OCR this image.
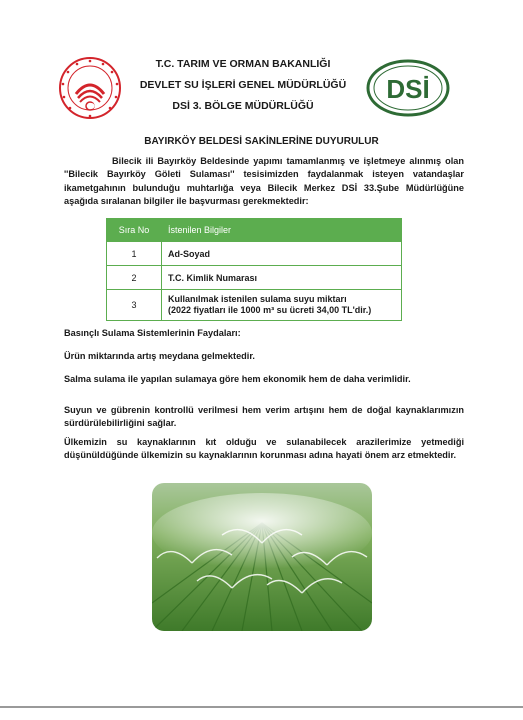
T.C. TARIM VE ORMAN BAKANLIĞI
DEVLET SU İŞLERİ GENEL MÜDÜRLÜĞÜ
DSİ 3. BÖLGE MÜDÜRLÜĞÜ
DSİ
BAYIRKÖY BELDESİ SAKİNLERİNE DUYURULUR
Bilecik ili Bayırköy Beldesinde yapımı tamamlanmış ve işletmeye alınmış olan ''Bilecik Bayırköy Göleti Sulaması'' tesisimizden faydalanmak isteyen vatandaşlar ikametgahının bulunduğu muhtarlığa veya Bilecik Merkez DSİ 33.Şube Müdürlüğüne aşağıda sıralanan bilgiler ile başvurması gerekmektedir:
Sıra No	İstenilen Bilgiler
1	Ad-Soyad
2	T.C. Kimlik Numarası
3	Kullanılmak istenilen sulama suyu miktarı
(2022 fiyatları ile 1000 m³ su ücreti 34,00 TL'dir.)

Basınçlı Sulama Sistemlerinin Faydaları:

Ürün miktarında artış meydana gelmektedir.

Salma sulama ile yapılan sulamaya göre hem ekonomik hem de daha verimlidir.

Suyun ve gübrenin kontrollü verilmesi hem verim artışını hem de doğal kaynaklarımızın sürdürülebilirliğini sağlar.

Ülkemizin su kaynaklarının kıt olduğu ve sulanabilecek arazilerimize yetmediği düşünüldüğünde ülkemizin su kaynaklarının korunması adına hayati önem arz etmektedir.
